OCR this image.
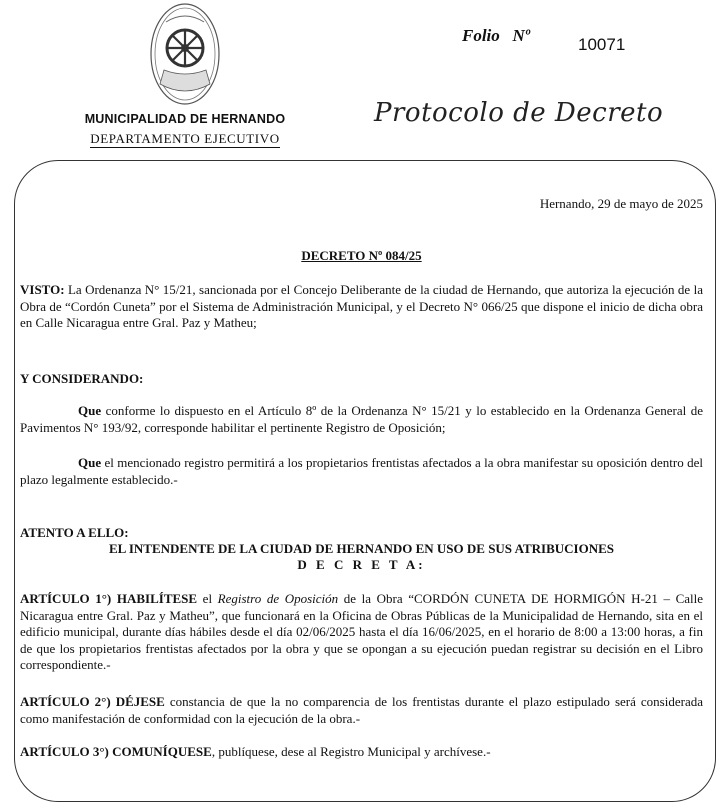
MUNICIPALIDAD DE HERNANDO
DEPARTAMENTO EJECUTIVO
Folio   Nº	10071
Protocolo de Decreto

Hernando, 29 de mayo de 2025

DECRETO Nº 084/25

VISTO: La Ordenanza N° 15/21, sancionada por el Concejo Deliberante de la ciudad de Hernando, que autoriza la ejecución de la Obra de “Cordón Cuneta” por el Sistema de Administración Municipal, y el Decreto N° 066/25 que dispone el inicio de dicha obra en Calle Nicaragua entre Gral. Paz y Matheu;

Y CONSIDERANDO:

Que conforme lo dispuesto en el Artículo 8º de la Ordenanza N° 15/21 y lo establecido en la Ordenanza General de Pavimentos N° 193/92, corresponde habilitar el pertinente Registro de Oposición;

Que el mencionado registro permitirá a los propietarios frentistas afectados a la obra manifestar su oposición dentro del plazo legalmente establecido.-

ATENTO A ELLO:

EL INTENDENTE DE LA CIUDAD DE HERNANDO EN USO DE SUS ATRIBUCIONES

D E C R E T A:

ARTÍCULO 1°) HABILÍTESE el Registro de Oposición de la Obra “CORDÓN CUNETA DE HORMIGÓN H-21 – Calle Nicaragua entre Gral. Paz y Matheu”, que funcionará en la Oficina de Obras Públicas de la Municipalidad de Hernando, sita en el edificio municipal, durante días hábiles desde el día 02/06/2025 hasta el día 16/06/2025, en el horario de 8:00 a 13:00 horas, a fin de que los propietarios frentistas afectados por la obra y que se opongan a su ejecución puedan registrar su decisión en el Libro correspondiente.-

ARTÍCULO 2°) DÉJESE constancia de que la no comparencia de los frentistas durante el plazo estipulado será considerada como manifestación de conformidad con la ejecución de la obra.-

ARTÍCULO 3°) COMUNÍQUESE, publíquese, dese al Registro Municipal y archívese.-
